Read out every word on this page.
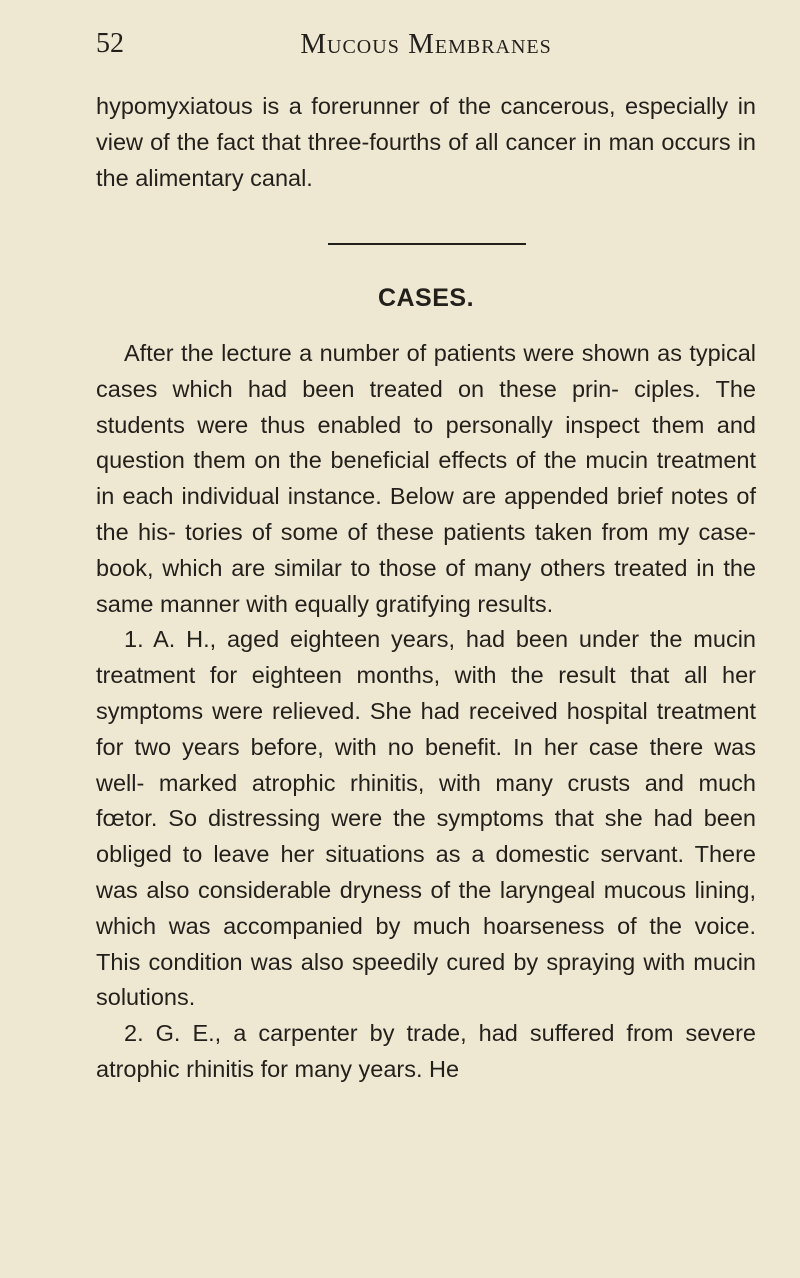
52	Mucous Membranes

hypomyxiatous is a forerunner of the cancerous, especially in view of the fact that three-fourths of all cancer in man occurs in the alimentary canal.

CASES.

After the lecture a number of patients were shown as typical cases which had been treated on these prin- ciples. The students were thus enabled to personally inspect them and question them on the beneficial effects of the mucin treatment in each individual instance. Below are appended brief notes of the his- tories of some of these patients taken from my case- book, which are similar to those of many others treated in the same manner with equally gratifying results.

1. A. H., aged eighteen years, had been under the mucin treatment for eighteen months, with the result that all her symptoms were relieved. She had received hospital treatment for two years before, with no benefit. In her case there was well- marked atrophic rhinitis, with many crusts and much fœtor. So distressing were the symptoms that she had been obliged to leave her situations as a domestic servant. There was also considerable dryness of the laryngeal mucous lining, which was accompanied by much hoarseness of the voice. This condition was also speedily cured by spraying with mucin solutions.

2. G. E., a carpenter by trade, had suffered from severe atrophic rhinitis for many years. He
